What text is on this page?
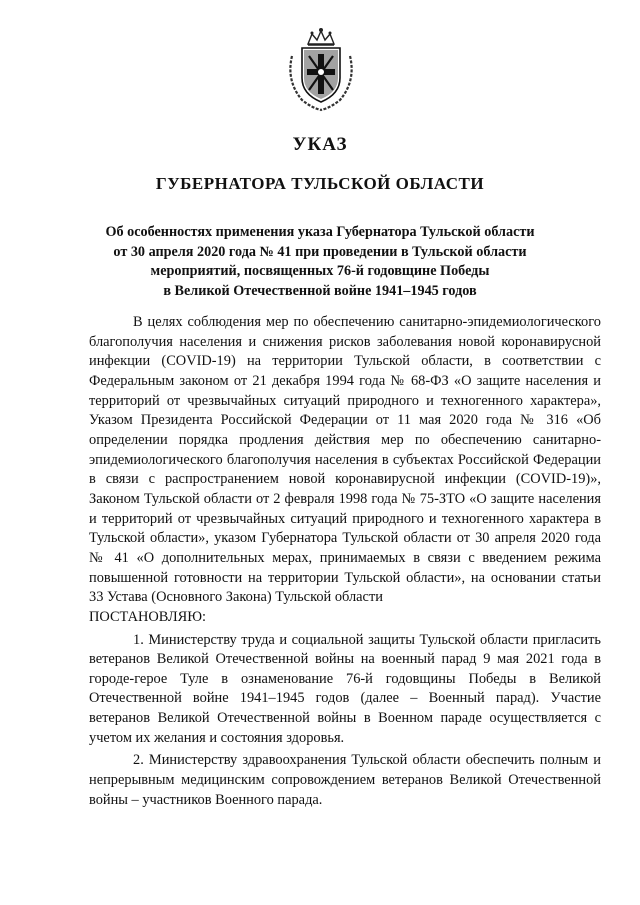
УКАЗ
ГУБЕРНАТОРА ТУЛЬСКОЙ ОБЛАСТИ
Об особенностях применения указа Губернатора Тульской области
от 30 апреля 2020 года № 41 при проведении в Тульской области
мероприятий, посвященных 76-й годовщине Победы
в Великой Отечественной войне 1941–1945 годов

В целях соблюдения мер по обеспечению санитарно-эпидемиологического благополучия населения и снижения рисков заболевания новой коронавирусной инфекции (COVID-19) на территории Тульской области, в соответствии с Федеральным законом от 21 декабря 1994 года № 68-ФЗ «О защите населения и территорий от чрезвычайных ситуаций природного и техногенного характера», Указом Президента Российской Федерации от 11 мая 2020 года № 316 «Об определении порядка продления действия мер по обеспечению санитарно-эпидемиологического благополучия населения в субъектах Российской Федерации в связи с распространением новой коронавирусной инфекции (COVID-19)», Законом Тульской области от 2 февраля 1998 года № 75-ЗТО «О защите населения и территорий от чрезвычайных ситуаций природного и техногенного характера в Тульской области», указом Губернатора Тульской области от 30 апреля 2020 года № 41 «О дополнительных мерах, принимаемых в связи с введением режима повышенной готовности на территории Тульской области», на основании статьи 33 Устава (Основного Закона) Тульской области

ПОСТАНОВЛЯЮ:

1. Министерству труда и социальной защиты Тульской области пригласить ветеранов Великой Отечественной войны на военный парад 9 мая 2021 года в городе-герое Туле в ознаменование 76-й годовщины Победы в Великой Отечественной войне 1941–1945 годов (далее – Военный парад). Участие ветеранов Великой Отечественной войны в Военном параде осуществляется с учетом их желания и состояния здоровья.

2. Министерству здравоохранения Тульской области обеспечить полным и непрерывным медицинским сопровождением ветеранов Великой Отечественной войны – участников Военного парада.
